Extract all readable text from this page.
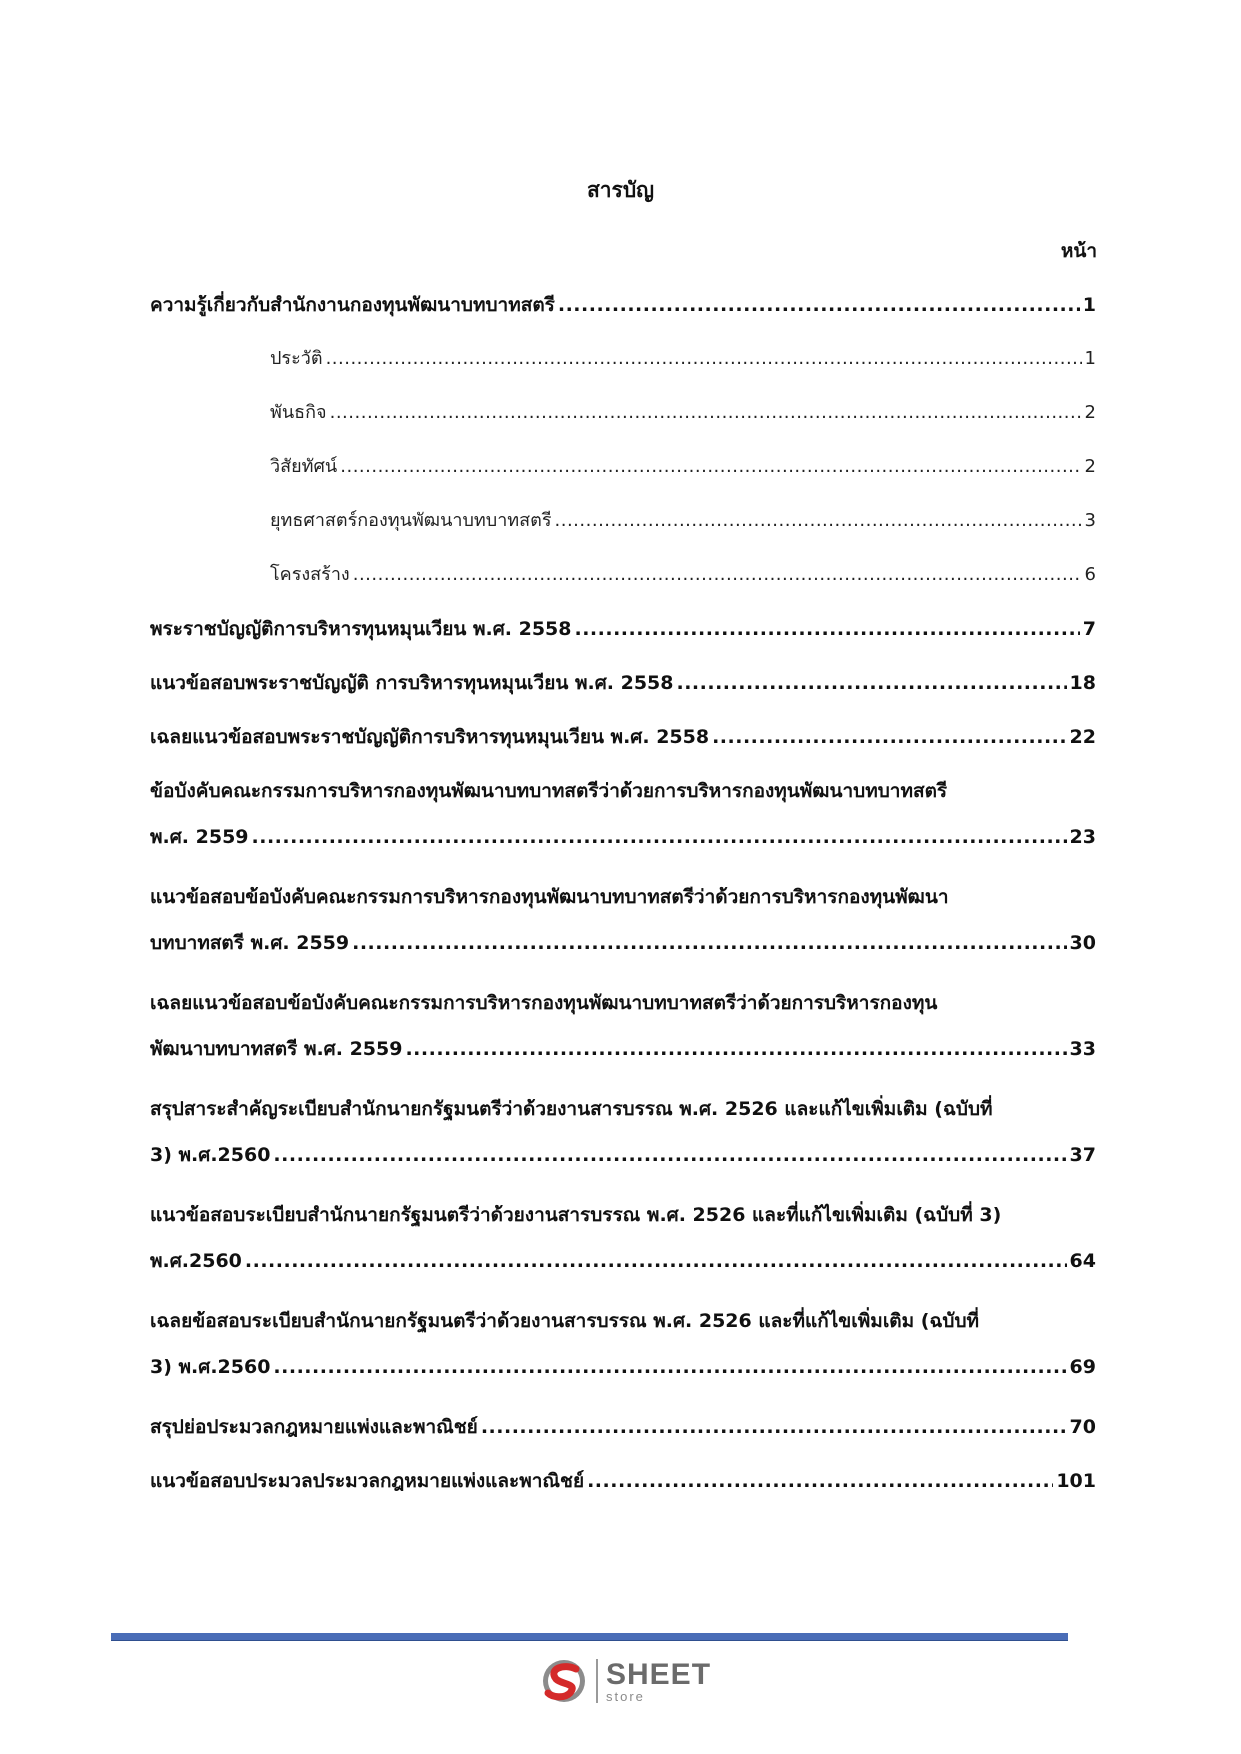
สารบัญ
หน้า
ความรู้เกี่ยวกับสำนักงานกองทุนพัฒนาบทบาทสตรี .....	1
ประวัติ .....	1
พันธกิจ .....	2
วิสัยทัศน์ .....	2
ยุทธศาสตร์กองทุนพัฒนาบทบาทสตรี .....	3
โครงสร้าง .....	6
พระราชบัญญัติการบริหารทุนหมุนเวียน พ.ศ. 2558 .....	7
แนวข้อสอบพระราชบัญญัติ การบริหารทุนหมุนเวียน พ.ศ. 2558 .....	18
เฉลยแนวข้อสอบพระราชบัญญัติการบริหารทุนหมุนเวียน พ.ศ. 2558 .....	22
ข้อบังคับคณะกรรมการบริหารกองทุนพัฒนาบทบาทสตรีว่าด้วยการบริหารกองทุนพัฒนาบทบาทสตรี
พ.ศ. 2559 .....	23
แนวข้อสอบข้อบังคับคณะกรรมการบริหารกองทุนพัฒนาบทบาทสตรีว่าด้วยการบริหารกองทุนพัฒนา
บทบาทสตรี พ.ศ. 2559 .....	30
เฉลยแนวข้อสอบข้อบังคับคณะกรรมการบริหารกองทุนพัฒนาบทบาทสตรีว่าด้วยการบริหารกองทุน
พัฒนาบทบาทสตรี พ.ศ. 2559 .....	33
สรุปสาระสำคัญระเบียบสำนักนายกรัฐมนตรีว่าด้วยงานสารบรรณ พ.ศ. 2526 และแก้ไขเพิ่มเติม (ฉบับที่
3) พ.ศ.2560 .....	37
แนวข้อสอบระเบียบสำนักนายกรัฐมนตรีว่าด้วยงานสารบรรณ พ.ศ. 2526 และที่แก้ไขเพิ่มเติม (ฉบับที่ 3)
พ.ศ.2560 .....	64
เฉลยข้อสอบระเบียบสำนักนายกรัฐมนตรีว่าด้วยงานสารบรรณ พ.ศ. 2526 และที่แก้ไขเพิ่มเติม (ฉบับที่
3) พ.ศ.2560 .....	69
สรุปย่อประมวลกฎหมายแพ่งและพาณิชย์ .....	70
แนวข้อสอบประมวลประมวลกฎหมายแพ่งและพาณิชย์ .....	101
SHEET
store
